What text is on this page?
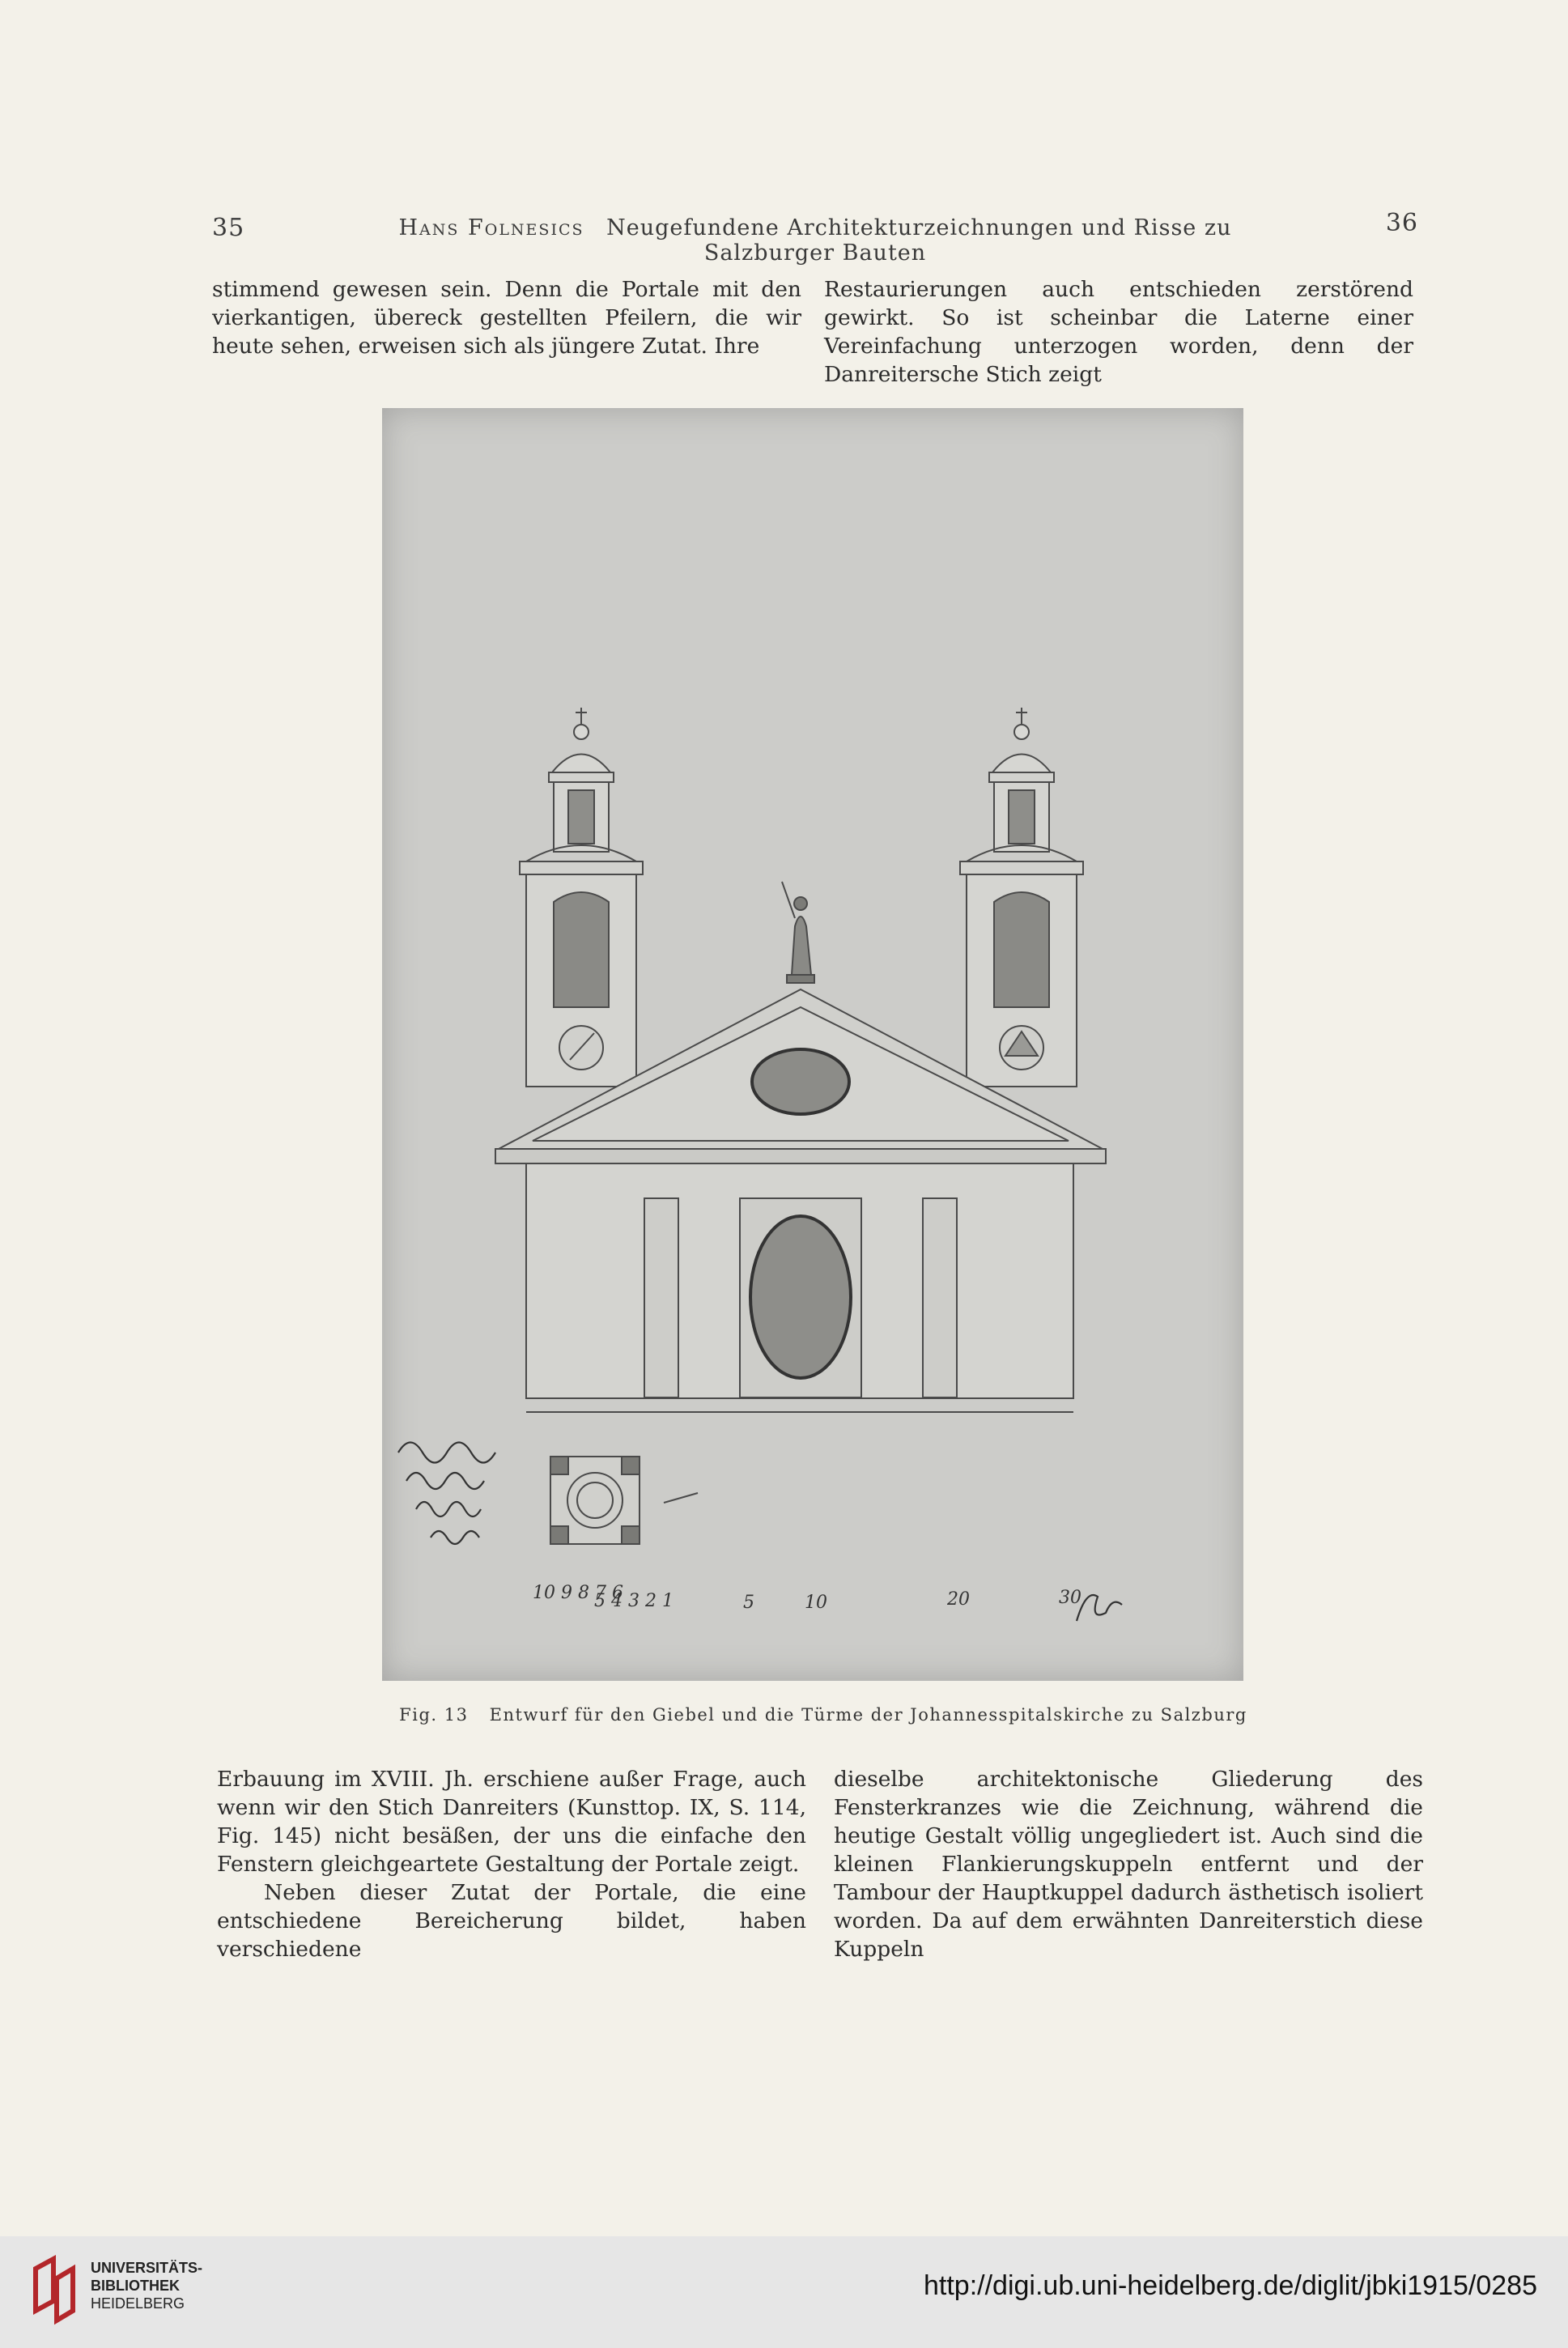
35	Hans Folnesics Neugefundene Architekturzeichnungen und Risse zu Salzburger Bauten
36

stimmend gewesen sein. Denn die Portale mit den vierkantigen, übereck gestellten Pfeilern, die wir heute sehen, erweisen sich als jüngere Zutat. Ihre

Restaurierungen auch entschieden zerstörend gewirkt. So ist scheinbar die Laterne einer Vereinfachung unterzogen worden, denn der Danreitersche Stich zeigt

10 9 8 7 6
5 4 3 2 1	5	10	20	30
Fig. 13 Entwurf für den Giebel und die Türme der Johannesspitalskirche zu Salzburg

Erbauung im XVIII. Jh. erschiene außer Frage, auch wenn wir den Stich Danreiters (Kunsttop. IX, S. 114, Fig. 145) nicht besäßen, der uns die einfache den Fenstern gleichgeartete Gestaltung der Portale zeigt.

Neben dieser Zutat der Portale, die eine entschiedene Bereicherung bildet, haben verschiedene

dieselbe architektonische Gliederung des Fensterkranzes wie die Zeichnung, während die heutige Gestalt völlig ungegliedert ist. Auch sind die kleinen Flankierungskuppeln entfernt und der Tambour der Hauptkuppel dadurch ästhetisch isoliert worden. Da auf dem erwähnten Danreiterstich diese Kuppeln

UNIVERSITÄTS-
BIBLIOTHEK
HEIDELBERG
http://digi.ub.uni-heidelberg.de/diglit/jbki1915/0285
